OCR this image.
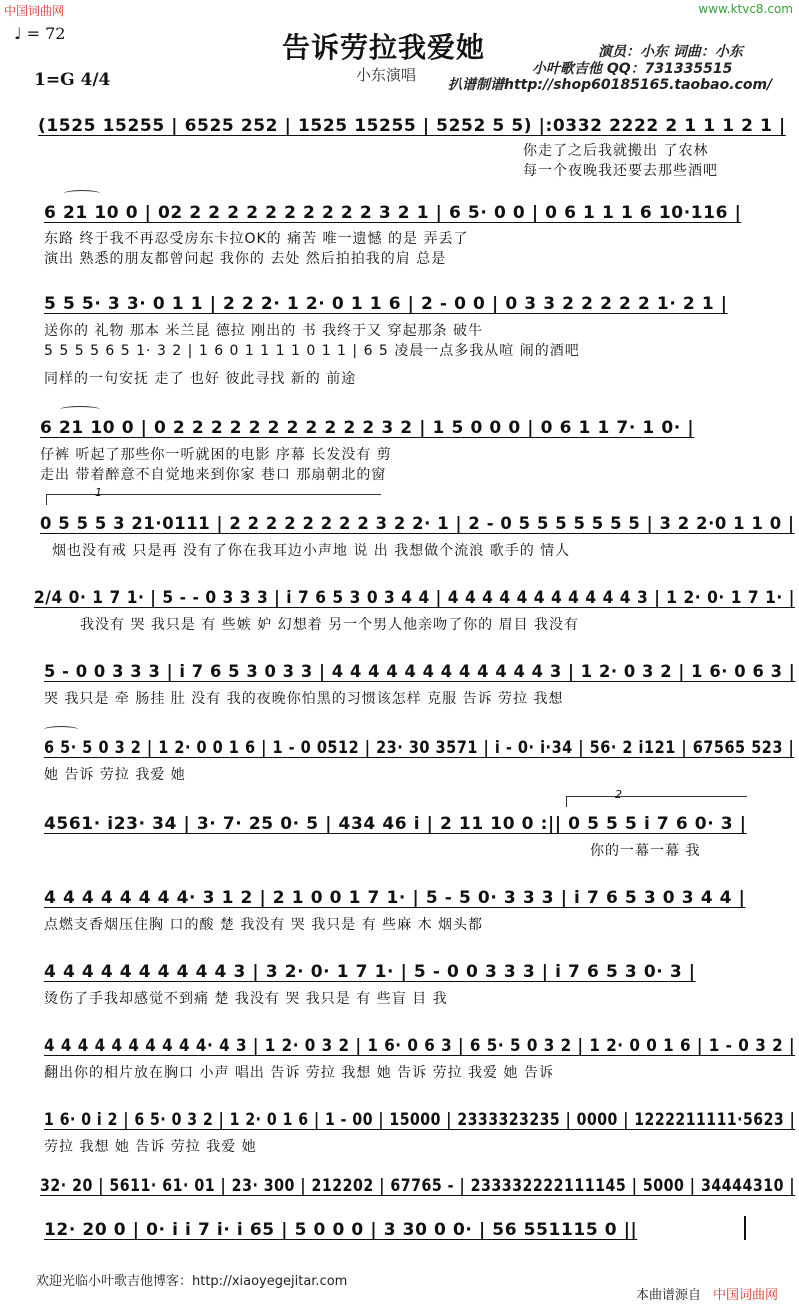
中国词曲网	www.ktvc8.com
♩ = 72	告诉劳拉我爱她
小东演唱
1=G 4/4
演员：小东 词曲：小东
小叶歌吉他 QQ：731335515
扒谱制谱http://shop60185165.taobao.com/
(1525 15255 | 6525 252 | 1525 15255 | 5252 5 5) |:0332 2222 2 1 1 1 2 1 |
你走了之后我就搬出 了农林
每一个夜晚我还要去那些酒吧
6 21 10 0 | 02 2 2 2 2 2 2 2 2 2 2 3 2 1 | 6 5· 0 0 | 0 6 1 1 1 6 10·116 |
东路 终于我不再忍受房东卡拉OK的 痛苦 唯一遗憾 的是 弄丢了
演出 熟悉的朋友都曾问起 我你的 去处 然后拍拍我的肩 总是
5 5 5· 3 3· 0 1 1 | 2 2 2· 1 2· 0 1 1 6 | 2 - 0 0 | 0 3 3 2 2 2 2 2 1· 2 1 |
送你的 礼物 那本 米兰昆 德拉 刚出的 书 我终于又 穿起那条 破牛
5 5 5 5 6 5 1· 3 2 | 1 6 0 1 1 1 1 0 1 1 | 6 5 凌晨一点多我从喧 闹的酒吧
同样的一句安抚 走了 也好 彼此寻找 新的 前途
6 21 10 0 | 0 2 2 2 2 2 2 2 2 2 2 2 3 2 | 1 5 0 0 0 | 0 6 1 1 7· 1 0· |
仔裤 听起了那些你一听就困的电影 序幕 长发没有 剪
走出 带着醉意不自觉地来到你家 巷口 那扇朝北的窗
1
0 5 5 5 3 21·0111 | 2 2 2 2 2 2 2 2 3 2 2· 1 | 2 - 0 5 5 5 5 5 5 5 | 3 2 2·0 1 1 0 |
烟也没有戒 只是再 没有了你在我耳边小声地 说 出 我想做个流浪 歌手的 情人
2/4 0· 1 7 1· | 5 - - 0 3 3 3 | i 7 6 5 3 0 3 4 4 | 4 4 4 4 4 4 4 4 4 4 4 3 | 1 2· 0· 1 7 1· |
我没有 哭 我只是 有 些嫉 妒 幻想着 另一个男人他亲吻了你的 眉目 我没有
5 - 0 0 3 3 3 | i 7 6 5 3 0 3 3 | 4 4 4 4 4 4 4 4 4 4 4 4 3 | 1 2· 0 3 2 | 1 6· 0 6 3 |
哭 我只是 牵 肠挂 肚 没有 我的夜晚你怕黑的习惯该怎样 克服 告诉 劳拉 我想
6 5· 5 0 3 2 | 1 2· 0 0 1 6 | 1 - 0 0512 | 23· 30 3571 | i - 0· i·34 | 56· 2 i121 | 67565 523 |
她 告诉 劳拉 我爱 她
2
4561· i23· 34 | 3· 7· 25 0· 5 | 434 46 i | 2 11 10 0 :|| 0 5 5 5 i 7 6 0· 3 |
你的一幕一幕 我
4 4 4 4 4 4 4 4· 3 1 2 | 2 1 0 0 1 7 1· | 5 - 5 0· 3 3 3 | i 7 6 5 3 0 3 4 4 |
点燃支香烟压住胸 口的酸 楚 我没有 哭 我只是 有 些麻 木 烟头都
4 4 4 4 4 4 4 4 4 4 3 | 3 2· 0· 1 7 1· | 5 - 0 0 3 3 3 | i 7 6 5 3 0· 3 |
烫伤了手我却感觉不到痛 楚 我没有 哭 我只是 有 些盲 目 我
4 4 4 4 4 4 4 4 4 4· 4 3 | 1 2· 0 3 2 | 1 6· 0 6 3 | 6 5· 5 0 3 2 | 1 2· 0 0 1 6 | 1 - 0 3 2 |
翻出你的相片放在胸口 小声 唱出 告诉 劳拉 我想 她 告诉 劳拉 我爱 她 告诉
1 6· 0 i 2 | 6 5· 0 3 2 | 1 2· 0 1 6 | 1 - 00 | 15000 | 2333323235 | 0000 | 1222211111·5623 |
劳拉 我想 她 告诉 劳拉 我爱 她
32· 20 | 5611· 61· 01 | 23· 300 | 212202 | 67765 - | 233332222111145 | 5000 | 34444310 |
12· 20 0 | 0· i i 7 i· i 65 | 5 0 0 0 | 3 30 0 0· | 56 551115 0 ||
欢迎光临小叶歌吉他博客：http://xiaoyegejitar.com
本曲谱源自 中国词曲网
